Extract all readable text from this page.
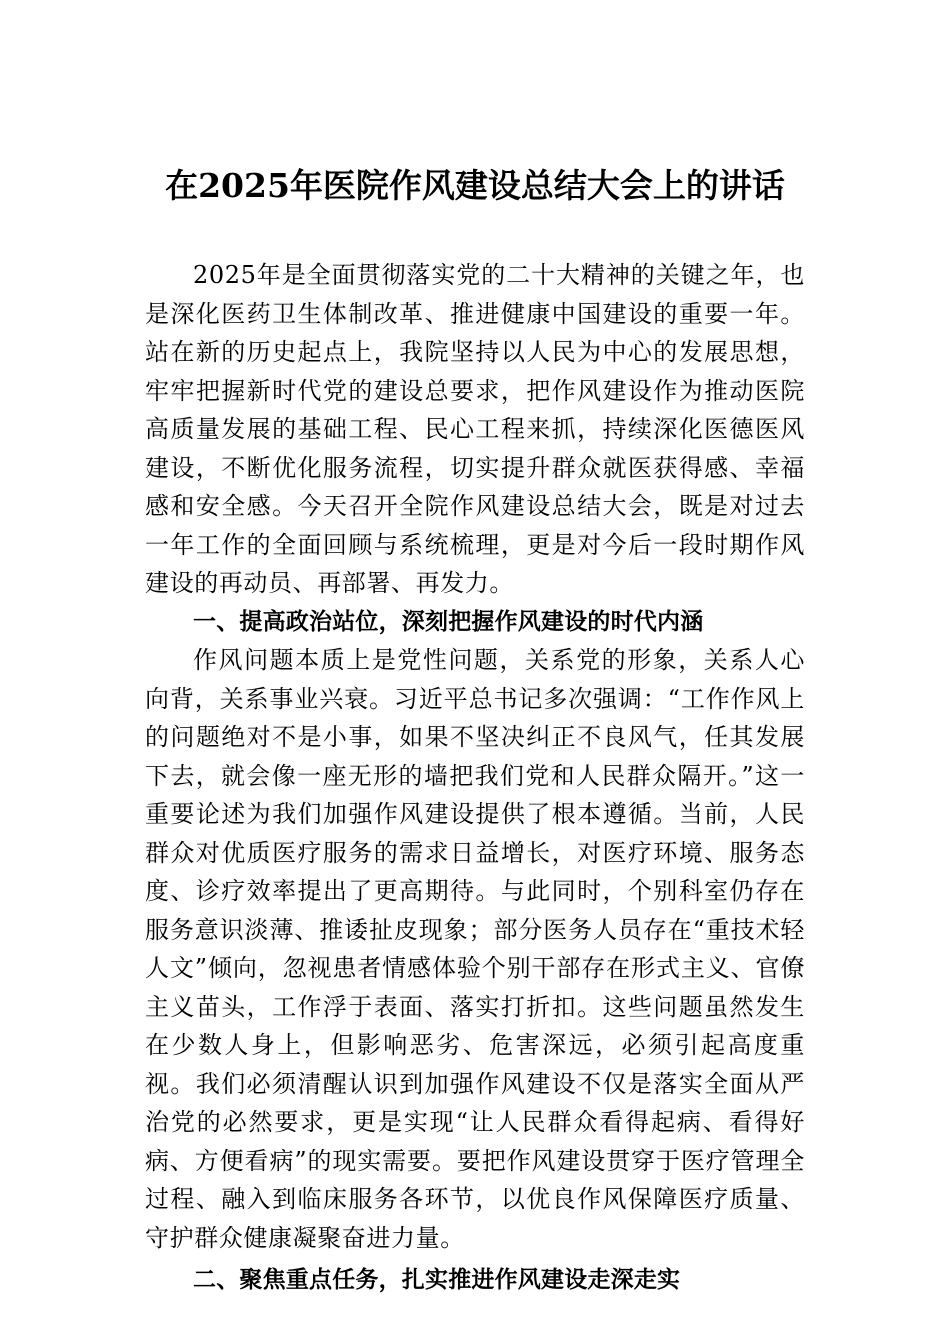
在2025年医院作风建设总结大会上的讲话

2025年是全面贯彻落实党的二十大精神的关键之年，也是深化医药卫生体制改革、推进健康中国建设的重要一年。站在新的历史起点上，我院坚持以人民为中心的发展思想，牢牢把握新时代党的建设总要求，把作风建设作为推动医院高质量发展的基础工程、民心工程来抓，持续深化医德医风建设，不断优化服务流程，切实提升群众就医获得感、幸福感和安全感。今天召开全院作风建设总结大会，既是对过去一年工作的全面回顾与系统梳理，更是对今后一段时期作风建设的再动员、再部署、再发力。

一、提高政治站位，深刻把握作风建设的时代内涵

作风问题本质上是党性问题，关系党的形象，关系人心向背，关系事业兴衰。习近平总书记多次强调：“工作作风上的问题绝对不是小事，如果不坚决纠正不良风气，任其发展下去，就会像一座无形的墙把我们党和人民群众隔开。”这一重要论述为我们加强作风建设提供了根本遵循。当前，人民群众对优质医疗服务的需求日益增长，对医疗环境、服务态度、诊疗效率提出了更高期待。与此同时，个别科室仍存在服务意识淡薄、推诿扯皮现象；部分医务人员存在“重技术轻人文”倾向，忽视患者情感体验个别干部存在形式主义、官僚主义苗头，工作浮于表面、落实打折扣。这些问题虽然发生在少数人身上，但影响恶劣、危害深远，必须引起高度重视。我们必须清醒认识到加强作风建设不仅是落实全面从严治党的必然要求，更是实现“让人民群众看得起病、看得好病、方便看病”的现实需要。要把作风建设贯穿于医疗管理全过程、融入到临床服务各环节，以优良作风保障医疗质量、守护群众健康凝聚奋进力量。

二、聚焦重点任务，扎实推进作风建设走深走实
